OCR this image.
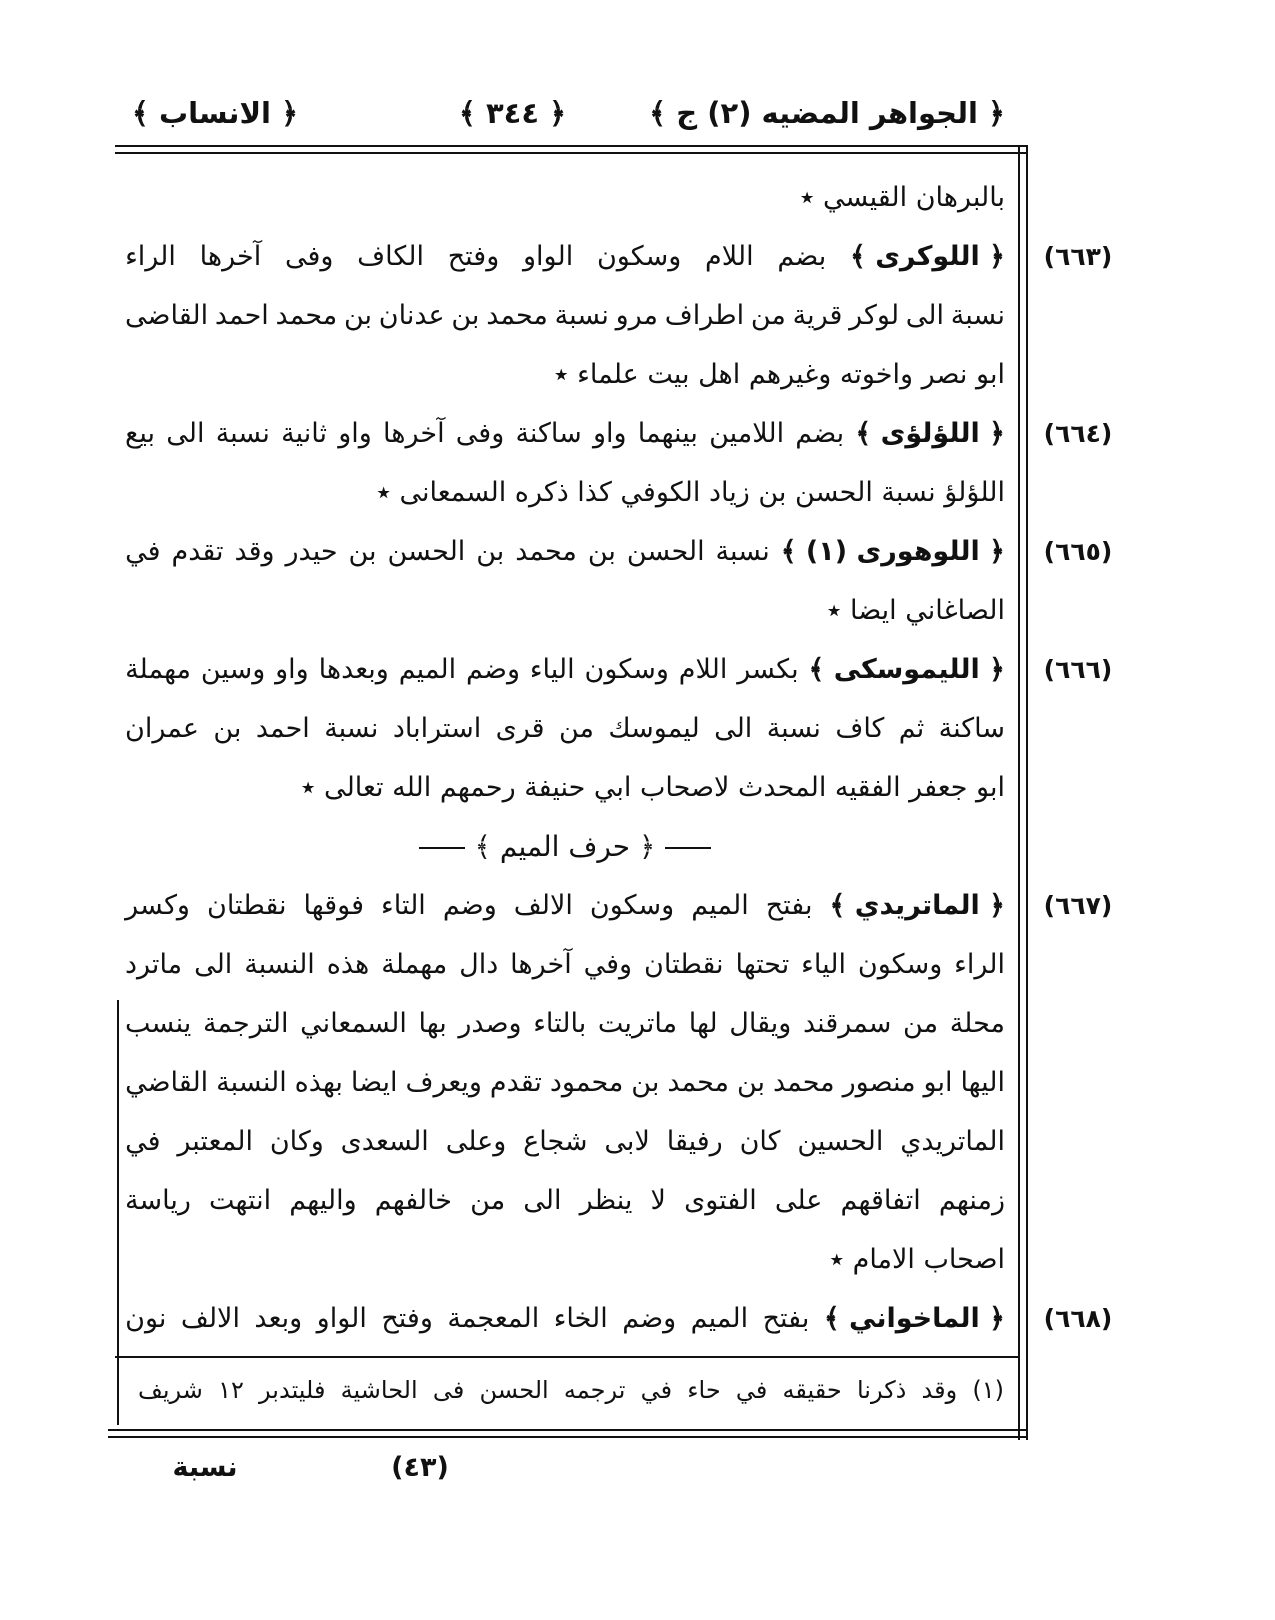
﴿ الجواهر المضيه (٢) ج ﴾
﴿ ٣٤٤ ﴾
﴿ الانساب ﴾
بالبرهان القيسي ٭
(٦٦٣)
﴿ اللوكرى ﴾
بضم
اللام
وسكون
الواو
وفتح
الكاف
وفى
آخرها
الراء
نسبة
الى
لوكر
قرية
من
اطراف
مرو
نسبة
محمد
بن
عدنان
بن
محمد
احمد
القاضى
ابو نصر واخوته وغيرهم اهل بيت علماء ٭
(٦٦٤)
﴿ اللؤلؤى ﴾
بضم
اللامين
بينهما
واو
ساكنة
وفى
آخرها
واو
ثانية
نسبة
الى
بيع
اللؤلؤ نسبة الحسن بن زياد الكوفي كذا ذكره السمعانى ٭
(٦٦٥)
﴿ اللوهورى (١) ﴾
نسبة
الحسن
بن
محمد
بن
الحسن
بن
حيدر
وقد
تقدم
في
الصاغاني ايضا ٭
(٦٦٦)
﴿ الليموسكى ﴾
بكسر
اللام
وسكون
الياء
وضم
الميم
وبعدها
واو
وسين
مهملة
ساكنة
ثم
كاف
نسبة
الى
ليموسك
من
قرى
استراباد
نسبة
احمد
بن
عمران
ابو جعفر الفقيه المحدث لاصحاب ابي حنيفة رحمهم الله تعالى ٭
﴿ حرف الميم ﴾
(٦٦٧)
﴿ الماتريدي ﴾
بفتح
الميم
وسكون
الالف
وضم
التاء
فوقها
نقطتان
وكسر
الراء
وسكون
الياء
تحتها
نقطتان
وفي
آخرها
دال
مهملة
هذه
النسبة
الى
ماترد
محلة
من
سمرقند
ويقال
لها
ماتريت
بالتاء
وصدر
بها
السمعاني
الترجمة
ينسب
اليها
ابو
منصور
محمد
بن
محمد
بن
محمود
تقدم
ويعرف
ايضا
بهذه
النسبة
القاضي
الماتريدي
الحسين
كان
رفيقا
لابى
شجاع
وعلى
السعدى
وكان
المعتبر
في
زمنهم
اتفاقهم
على
الفتوى
لا
ينظر
الى
من
خالفهم
واليهم
انتهت
رياسة
اصحاب الامام ٭
(٦٦٨)
﴿ الماخواني ﴾
بفتح
الميم
وضم
الخاء
المعجمة
وفتح
الواو
وبعد
الالف
نون
(١)
وقد
ذكرنا
حقيقه
في
حاء
في
ترجمه
الحسن
فى
الحاشية
فليتدبر
١٢
شريف
(٤٣)
نسبة
